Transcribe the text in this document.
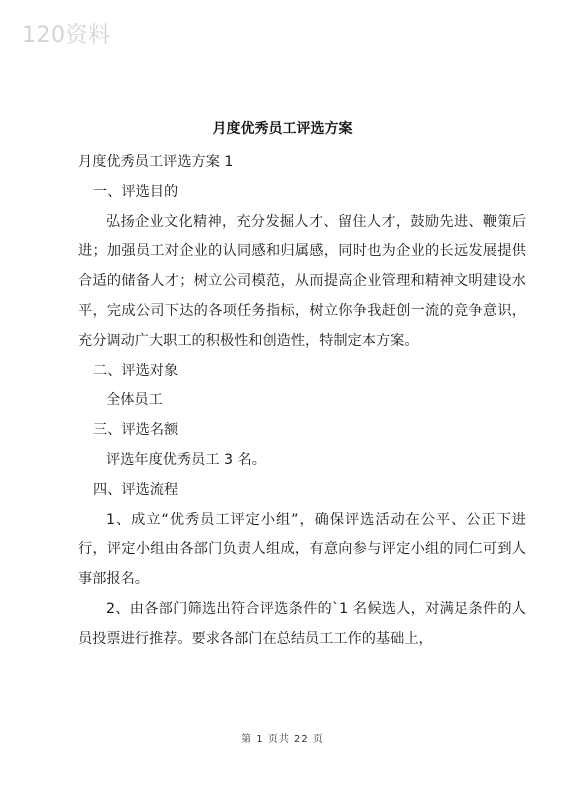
120资料
月度优秀员工评选方案

月度优秀员工评选方案 1

一、评选目的

弘扬企业文化精神，充分发掘人才、留住人才，鼓励先进、鞭策后进；加强员工对企业的认同感和归属感，同时也为企业的长远发展提供合适的储备人才；树立公司模范，从而提高企业管理和精神文明建设水平，完成公司下达的各项任务指标，树立你争我赶创一流的竞争意识，充分调动广大职工的积极性和创造性，特制定本方案。

二、评选对象

全体员工

三、评选名额

评选年度优秀员工 3 名。

四、评选流程

1、成立“优秀员工评定小组”，确保评选活动在公平、公正下进行，评定小组由各部门负责人组成，有意向参与评定小组的同仁可到人事部报名。

2、由各部门筛选出符合评选条件的`1 名候选人，对满足条件的人员投票进行推荐。要求各部门在总结员工工作的基础上，

第 1 页共 22 页
